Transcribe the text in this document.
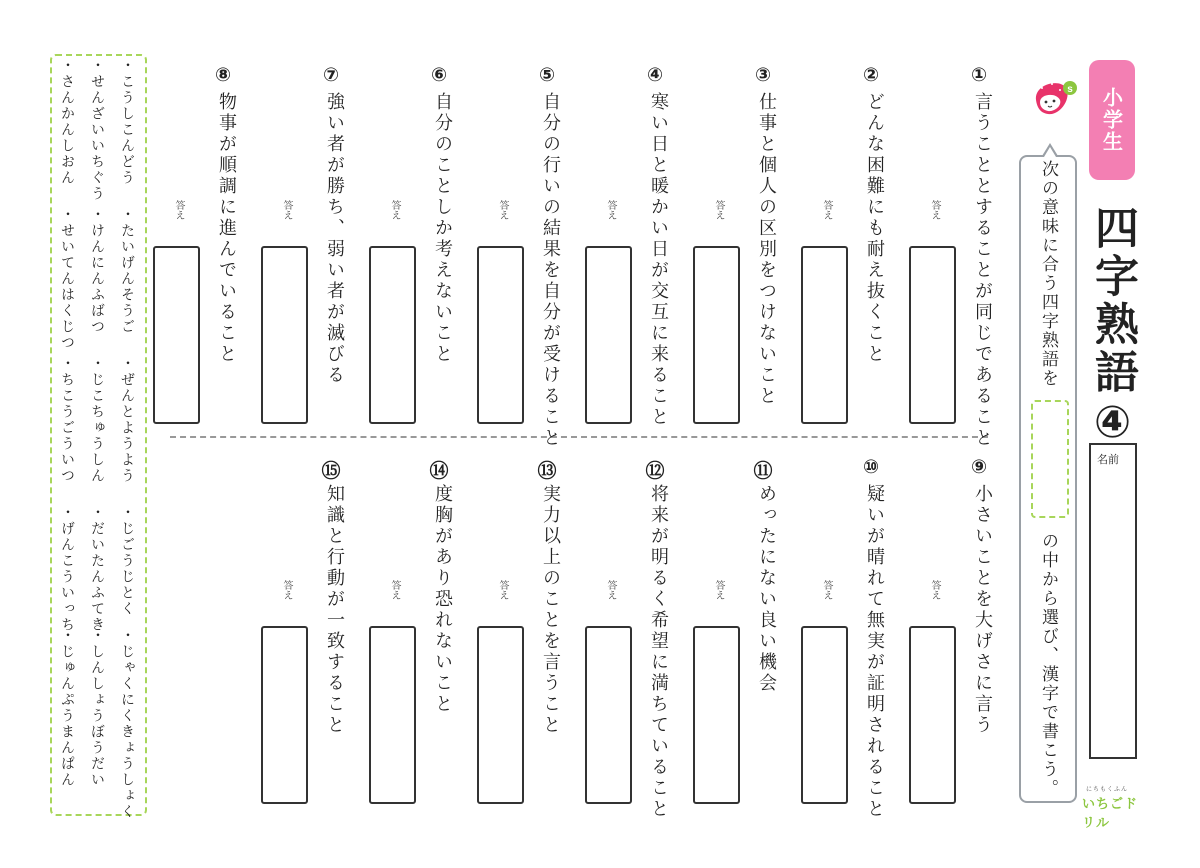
小学生
四字熟語④
名前
s
次の意味に合う四字熟語を
の中から選び、漢字で書こう。	にちもくふん
いちごドリル
①
言うこととすることが同じであること
答え
②
どんな困難にも耐え抜くこと
答え
③
仕事と個人の区別をつけないこと
答え
④
寒い日と暖かい日が交互に来ること
答え
⑤
自分の行いの結果を自分が受けること
答え
⑥
自分のことしか考えないこと
答え
⑦
強い者が勝ち、弱い者が滅びる
答え
⑧
物事が順調に進んでいること
答え
⑨
小さいことを大げさに言う
答え
⑩
疑いが晴れて無実が証明されること
答え
⑪
めったにない良い機会
答え
⑫
将来が明るく希望に満ちていること
答え
⑬
実力以上のことを言うこと
答え
⑭
度胸があり恐れないこと
答え
⑮
知識と行動が一致すること
答え
・こうしこんどう
・たいげんそうご
・ぜんとようよう
・じごうじとく
・じゃくにくきょうしょく
・せんざいいちぐう
・けんにんふばつ
・じこちゅうしん
・だいたんふてき
・しんしょうぼうだい
・さんかんしおん
・せいてんはくじつ
・ちこうごういつ
・げんこういっち
・じゅんぷうまんぱん
